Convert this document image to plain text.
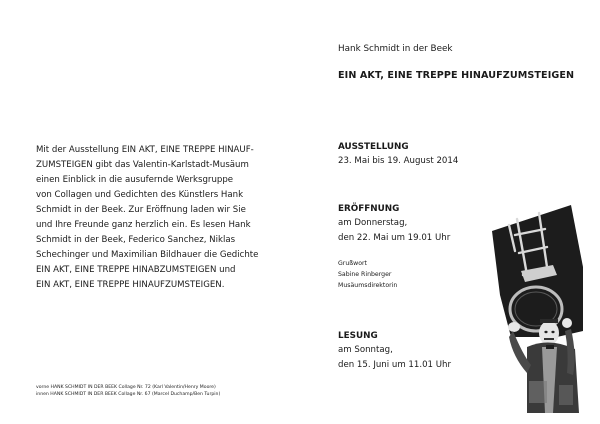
Mit der Ausstellung EIN AKT, EINE TREPPE HINAUF-
ZUMSTEIGEN gibt das Valentin-Karlstadt-Musäum
einen Einblick in die ausufernde Werksgruppe
von Collagen und Gedichten des Künstlers Hank
Schmidt in der Beek. Zur Eröffnung laden wir Sie
und Ihre Freunde ganz herzlich ein. Es lesen Hank
Schmidt in der Beek, Federico Sanchez, Niklas
Schechinger und Maximilian Bildhauer die Gedichte
EIN AKT, EINE TREPPE HINABZUMSTEIGEN und
EIN AKT, EINE TREPPE HINAUFZUMSTEIGEN.
vorne HANK SCHMIDT IN DER BEEK Collage Nr. 72 (Karl Valentin/Henry Moore)
innen HANK SCHMIDT IN DER BEEK Collage Nr. 67 (Marcel Duchamp/Ben Turpin)
Hank Schmidt in der Beek
EIN AKT, EINE TREPPE HINAUFZUMSTEIGEN
AUSSTELLUNG
23. Mai bis 19. August 2014
ERÖFFNUNG
am Donnerstag,
den 22. Mai um 19.01 Uhr
Grußwort
Sabine Rinberger
Musäumsdirektorin
LESUNG
am Sonntag,
den 15. Juni um 11.01 Uhr
